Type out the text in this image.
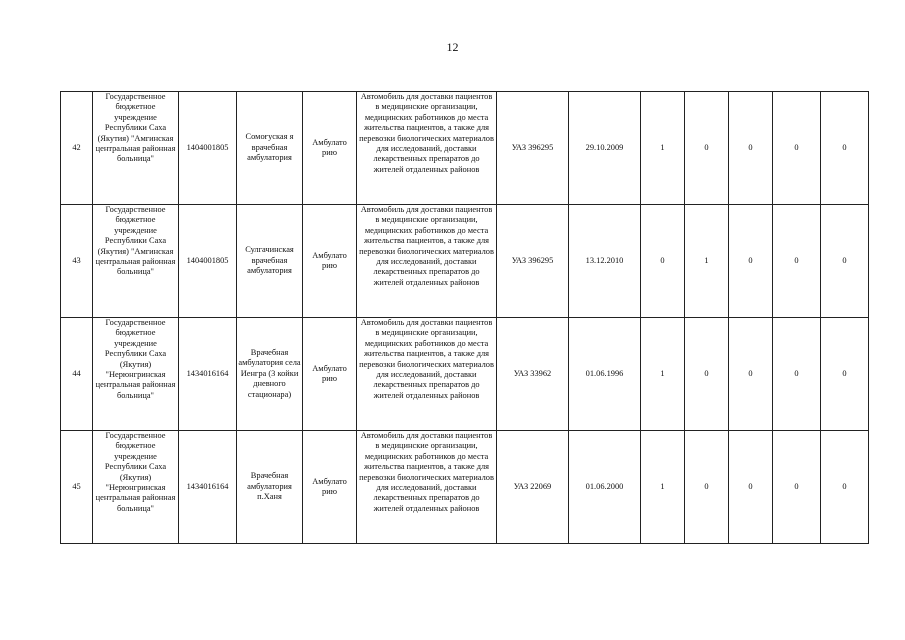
12
42	Государственное бюджетное учреждение Республики Саха (Якутия) "Амгинская центральная районная больница"	1404001805	Сомоғуская я врачебная амбулатория	Амбулато рию	Автомобиль для доставки пациентов в медицинские организации, медицинских работников до места жительства пациентов, а также для перевозки биологических материалов для исследований, доставки лекарственных препаратов до жителей отдаленных районов	УАЗ 396295	29.10.2009	1	0	0	0	0
43	Государственное бюджетное учреждение Республики Саха (Якутия) "Амгинская центральная районная больница"	1404001805	Сулгачинская врачебная амбулатория	Амбулато рию	Автомобиль для доставки пациентов в медицинские организации, медицинских работников до места жительства пациентов, а также для перевозки биологических материалов для исследований, доставки лекарственных препаратов до жителей отдаленных районов	УАЗ 396295	13.12.2010	0	1	0	0	0
44	Государственное бюджетное учреждение Республики Саха (Якутия) "Нерюнгринская центральная районная больница"	1434016164	Врачебная амбулатория села Иенгра (3 койки дневного стационара)	Амбулато рию	Автомобиль для доставки пациентов в медицинские организации, медицинских работников до места жительства пациентов, а также для перевозки биологических материалов для исследований, доставки лекарственных препаратов до жителей отдаленных районов	УАЗ 33962	01.06.1996	1	0	0	0	0
45	Государственное бюджетное учреждение Республики Саха (Якутия) "Нерюнгринская центральная районная больница"	1434016164	Врачебная амбулатория п.Ханя	Амбулато рию	Автомобиль для доставки пациентов в медицинские организации, медицинских работников до места жительства пациентов, а также для перевозки биологических материалов для исследований, доставки лекарственных препаратов до жителей отдаленных районов	УАЗ 22069	01.06.2000	1	0	0	0	0
